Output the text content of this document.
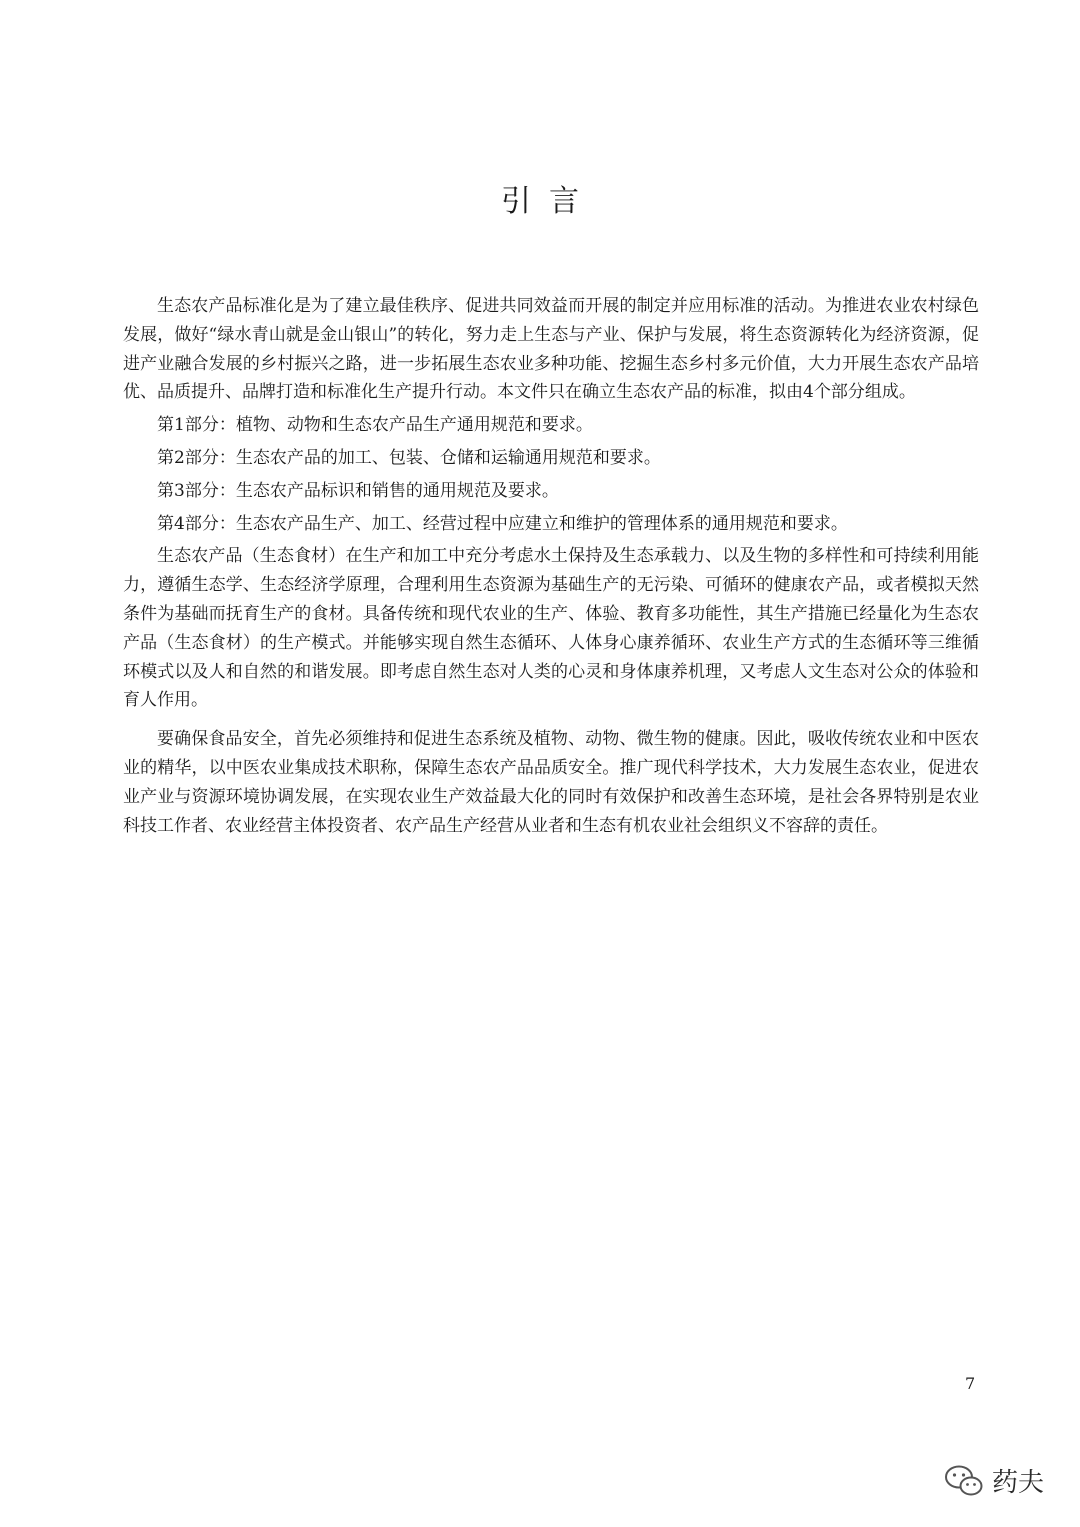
引言

生态农产品标准化是为了建立最佳秩序、促进共同效益而开展的制定并应用标准的活动。为推进农业农村绿色发展，做好“绿水青山就是金山银山”的转化，努力走上生态与产业、保护与发展，将生态资源转化为经济资源，促进产业融合发展的乡村振兴之路，进一步拓展生态农业多种功能、挖掘生态乡村多元价值，大力开展生态农产品培优、品质提升、品牌打造和标准化生产提升行动。本文件只在确立生态农产品的标准，拟由4个部分组成。

第1部分：植物、动物和生态农产品生产通用规范和要求。

第2部分：生态农产品的加工、包装、仓储和运输通用规范和要求。

第3部分：生态农产品标识和销售的通用规范及要求。

第4部分：生态农产品生产、加工、经营过程中应建立和维护的管理体系的通用规范和要求。

生态农产品（生态食材）在生产和加工中充分考虑水土保持及生态承载力、以及生物的多样性和可持续利用能力，遵循生态学、生态经济学原理，合理利用生态资源为基础生产的无污染、可循环的健康农产品，或者模拟天然条件为基础而抚育生产的食材。具备传统和现代农业的生产、体验、教育多功能性，其生产措施已经量化为生态农产品（生态食材）的生产模式。并能够实现自然生态循环、人体身心康养循环、农业生产方式的生态循环等三维循环模式以及人和自然的和谐发展。即考虑自然生态对人类的心灵和身体康养机理，又考虑人文生态对公众的体验和育人作用。

要确保食品安全，首先必须维持和促进生态系统及植物、动物、微生物的健康。因此，吸收传统农业和中医农业的精华，以中医农业集成技术职称，保障生态农产品品质安全。推广现代科学技术，大力发展生态农业，促进农业产业与资源环境协调发展，在实现农业生产效益最大化的同时有效保护和改善生态环境，是社会各界特别是农业科技工作者、农业经营主体投资者、农产品生产经营从业者和生态有机农业社会组织义不容辞的责任。

7
药夫
